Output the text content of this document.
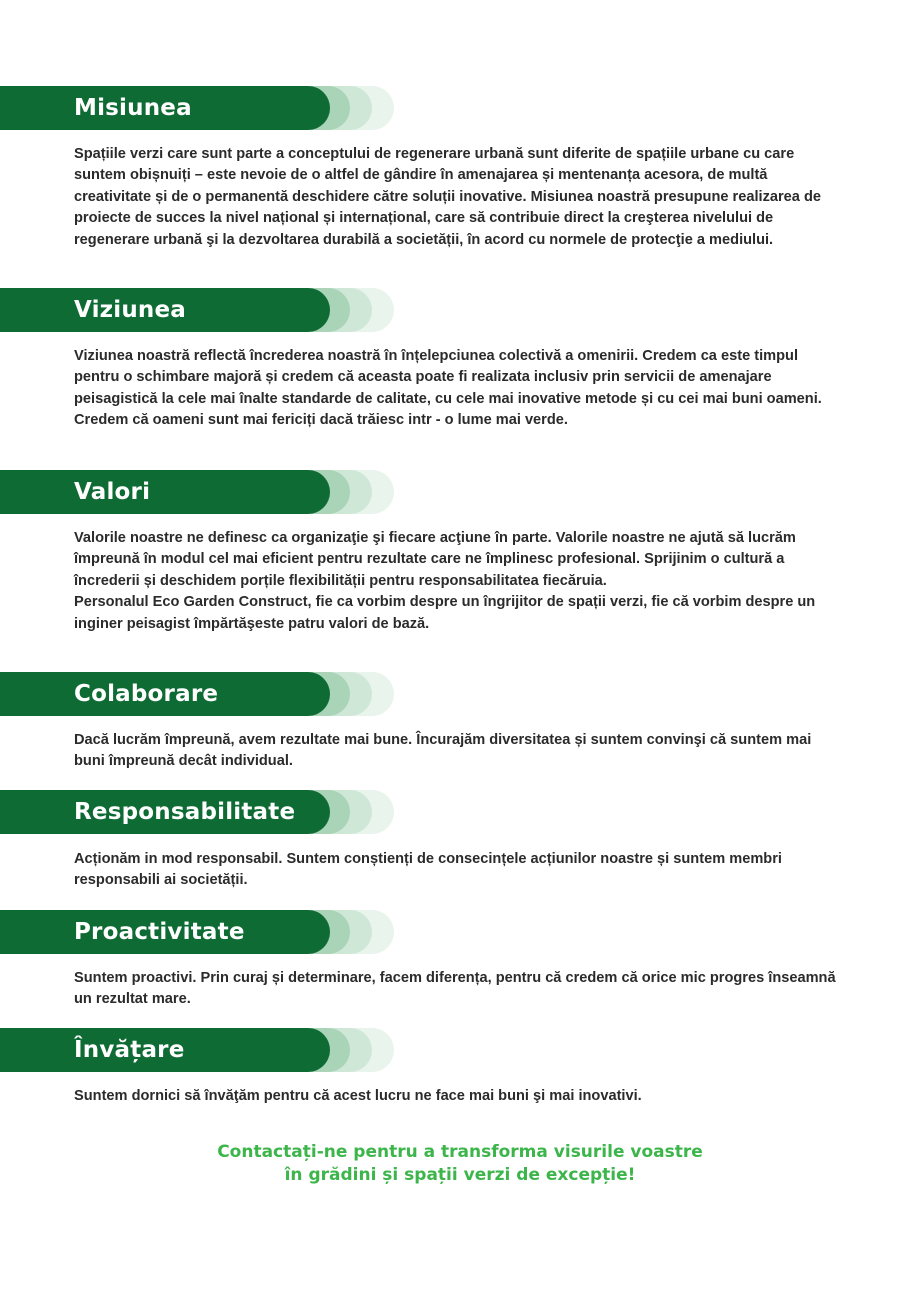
Misiunea

Spațiile verzi care sunt parte a conceptului de regenerare urbană sunt diferite de spațiile urbane cu care suntem obișnuiți – este nevoie de o altfel de gândire în amenajarea și mentenanța acesora, de multă creativitate și de o permanentă deschidere către soluții inovative. Misiunea noastră presupune realizarea de proiecte de succes la nivel național și internațional, care să contribuie direct la creşterea nivelului de regenerare urbană şi la dezvoltarea durabilă a societății, în acord cu normele de protecţie a mediului.

Viziunea

Viziunea noastră reflectă încrederea noastră în înțelepciunea colectivă a omenirii. Credem ca este timpul pentru o schimbare majoră și credem că aceasta poate fi realizata inclusiv prin servicii de amenajare peisagistică la cele mai înalte standarde de calitate, cu cele mai inovative metode și cu cei mai buni oameni. Credem că oameni sunt mai fericiți dacă trăiesc intr - o lume mai verde.

Valori

Valorile noastre ne definesc ca organizaţie şi fiecare acţiune în parte. Valorile noastre ne ajută să lucrăm împreună în modul cel mai eficient pentru rezultate care ne împlinesc profesional. Sprijinim o cultură a încrederii și deschidem porțile flexibilității pentru responsabilitatea fiecăruia.

Personalul Eco Garden Construct, fie ca vorbim despre un îngrijitor de spații verzi, fie că vorbim despre un inginer peisagist împărtăşeste patru valori de bază.

Colaborare

Dacă lucrăm împreună, avem rezultate mai bune. Încurajăm diversitatea și suntem convinşi că suntem mai buni împreună decât individual.

Responsabilitate

Acționăm in mod responsabil. Suntem conștienți de consecințele acțiunilor noastre și suntem membri responsabili ai societății.

Proactivitate

Suntem proactivi. Prin curaj și determinare, facem diferența, pentru că credem că orice mic progres înseamnă un rezultat mare.

Învățare

Suntem dornici să învăţăm pentru că acest lucru ne face mai buni şi mai inovativi.

Contactați-ne pentru a transforma visurile voastre
în grădini și spații verzi de excepție!
